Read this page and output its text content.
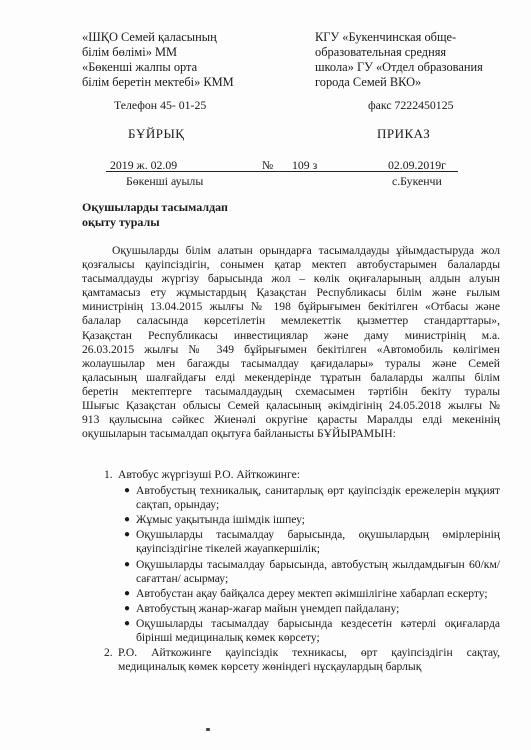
«ШҚО Семей қаласының
білім бөлімі» ММ
«Бөкенші жалпы орта
білім беретін мектебі» КММ
КГУ «Букенчинская обще-
образовательная средняя
школа» ГУ «Отдел образования
города Семей ВКО»
Телефон 45- 01-25	факс 7222450125
БҰЙРЫҚ	ПРИКАЗ
2019 ж. 02.09	№ 109 з	02.09.2019г
Бөкенші ауылы	с.Букенчи
Оқушыларды тасымалдап
оқыту туралы
Оқушыларды білім алатын орындарға тасымалдауды ұйымдастыруда жол
қозғалысы қауіпсіздігін, сонымен қатар мектеп автобустарымен балаларды
тасымалдауды жүргізу барысында жол – көлік оқиғаларының алдын алуын
қамтамасыз ету жұмыстардың Қазақстан Республикасы білім және ғылым
министрінің 13.04.2015 жылғы № 198 бұйрығымен бекітілген «Отбасы және
балалар саласында көрсетілетін мемлекеттік қызметтер стандарттары»,
Қазақстан Республикасы инвестициялар және даму министрінің м.а.
26.03.2015 жылғы № 349 бұйрығымен бекітілген «Автомобиль көлігімен
жолаушылар мен багажды тасымалдау қағидалары» туралы және Семей
қаласының шалғайдағы елді мекендерінде тұратын балаларды жалпы білім
беретін мектептерге тасымалдаудың схемасымен тәртібін бекіту туралы
Шығыс Қазақстан облысы Семей қаласының әкімдігінің 24.05.2018 жылғы №
913 қаулысына сәйкес Жиенәлі округіне қарасты Маралды елді мекенінің
оқушыларын тасымалдап оқытуға байланысты БҰЙЫРАМЫН:
1. Автобус жүргізуші Р.О. Айткожинге:
● Автобустың техникалық, санитарлық өрт қауіпсіздік ережелерін мұқият сақтап, орындау;
● Жұмыс уақытында ішімдік ішпеу;
● Оқушыларды тасымалдау барысында, оқушылардың өмірлерінің қауіпсіздігіне тікелей жауапкершілік;
● Оқушыларды тасымалдау барысында, автобустың жылдамдығын 60/км/сағаттан/ асырмау;
● Автобустан ақау байқалса дереу мектеп әкімшілігіне хабарлап ескерту;
● Автобустың жанар-жағар майын үнемдеп пайдалану;
● Оқушыларды тасымалдау барысында кездесетін кәтерлі оқиғаларда бірінші медициналық көмек көрсету;
2. Р.О. Айткожинге қауіпсіздік техникасы, өрт қауіпсіздігін сақтау, медициналық көмек көрсету жөніндегі нұсқаулардың барлық
